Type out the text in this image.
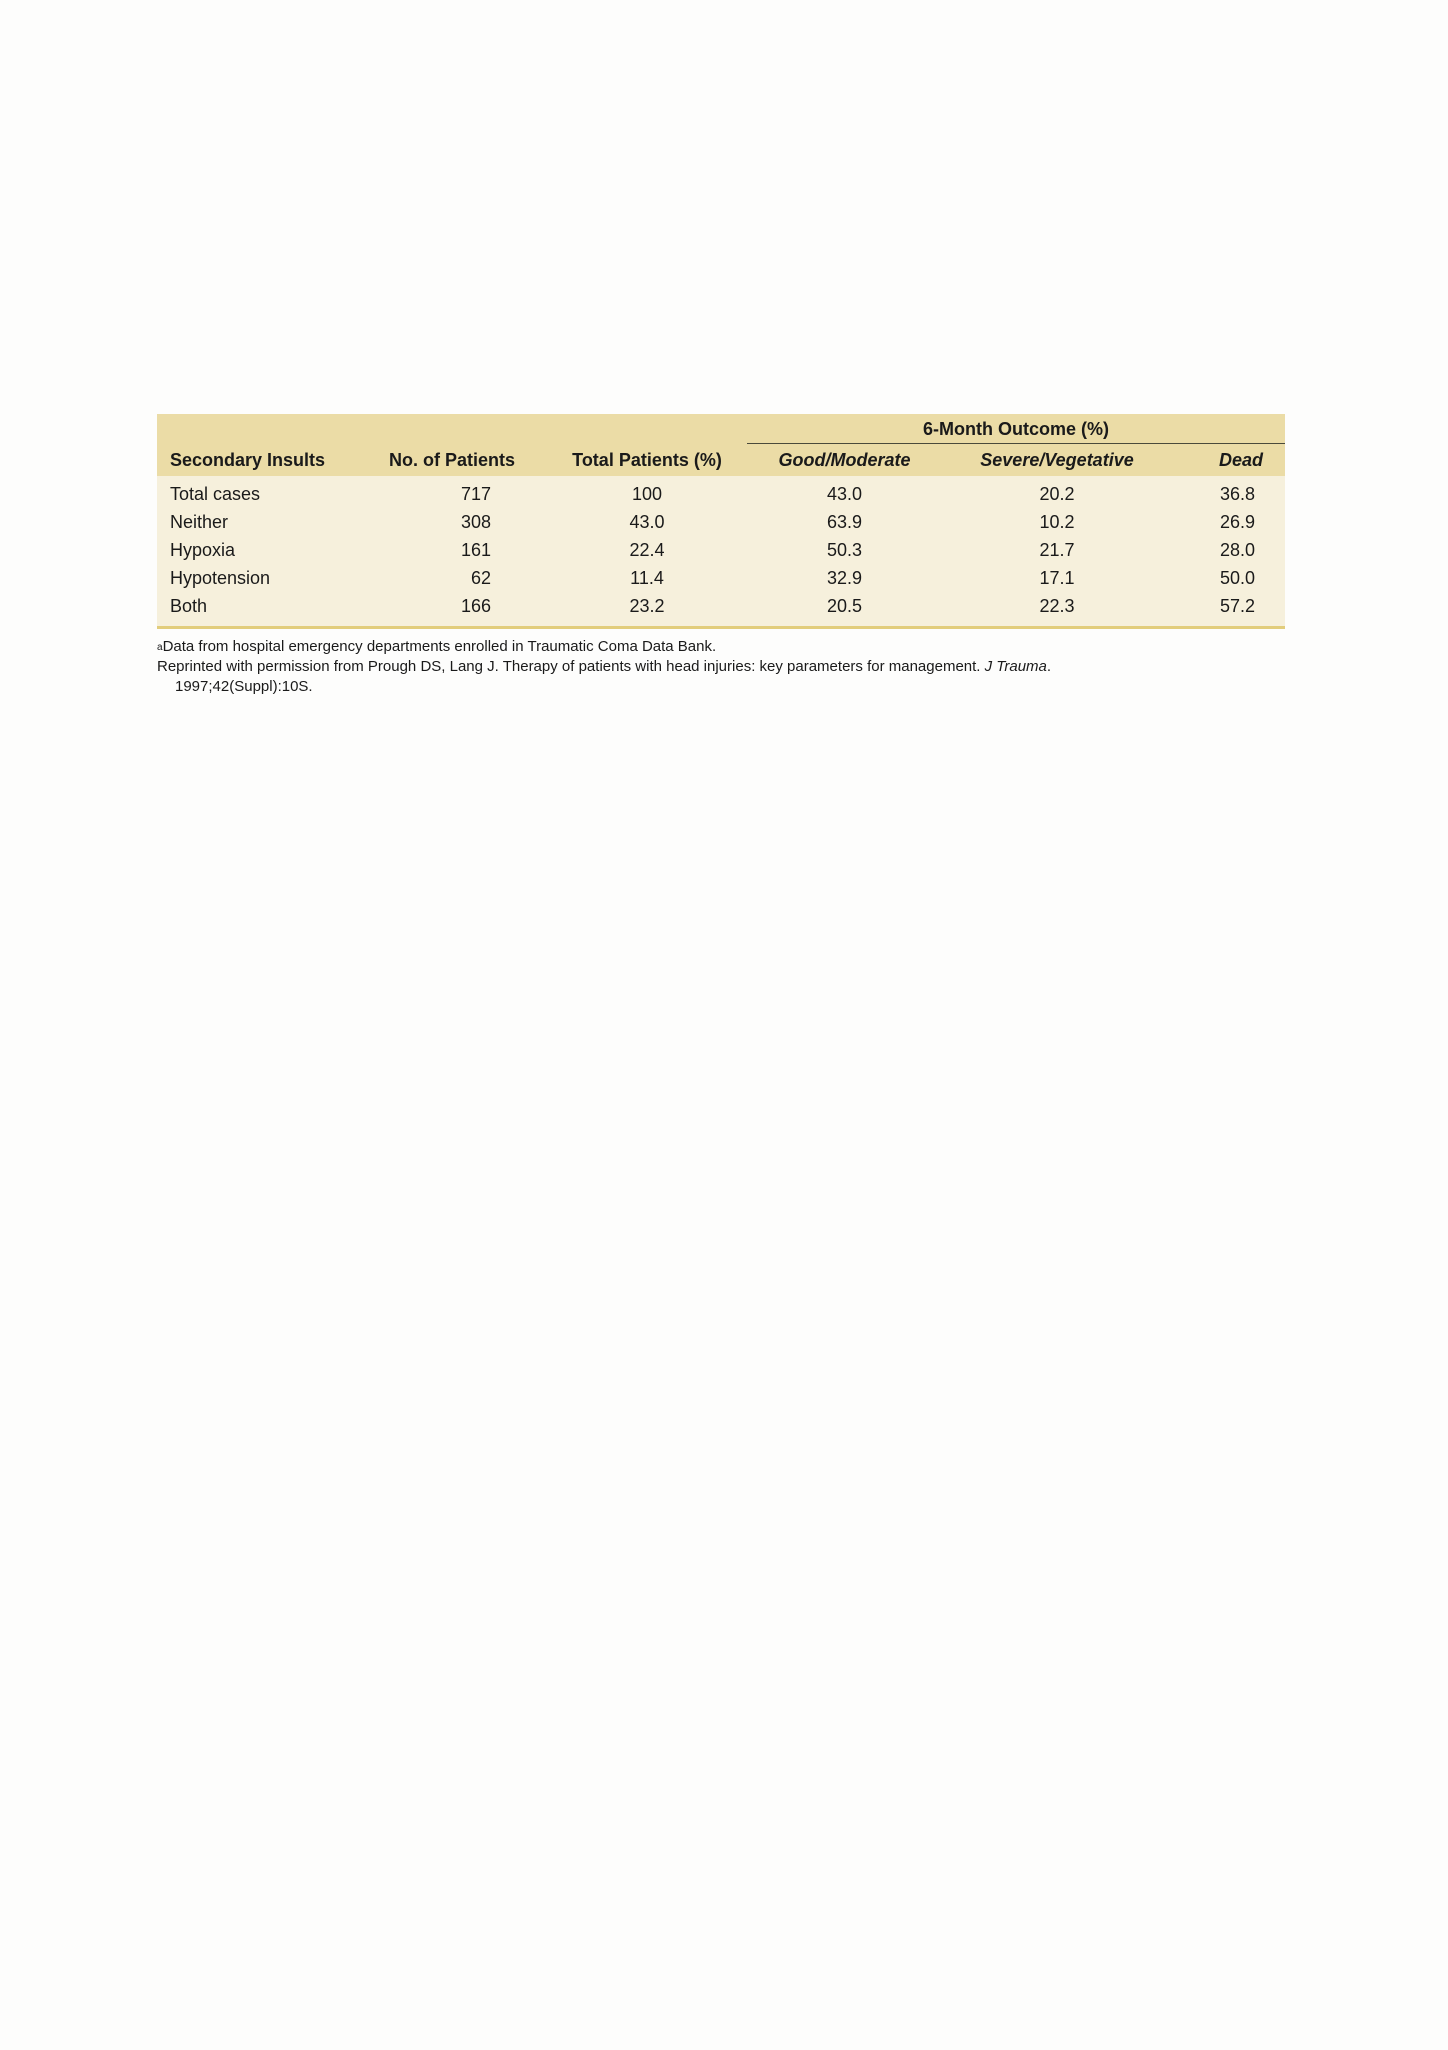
			6-Month Outcome (%)		

Secondary Insults	No. of Patients	Total Patients (%)	Good/Moderate	Severe/Vegetative	Dead
Total cases	717	100	43.0	20.2	36.8
Neither	308	43.0	63.9	10.2	26.9
Hypoxia	161	22.4	50.3	21.7	28.0
Hypotension	62	11.4	32.9	17.1	50.0
Both	166	23.2	20.5	22.3	57.2
$^a$Data from hospital emergency departments enrolled in Traumatic Coma Data Bank.
Reprinted with permission from Prough DS, Lang J. Therapy of patients with head injuries: key parameters for management. J Trauma.
1997;42(Suppl):10S.
